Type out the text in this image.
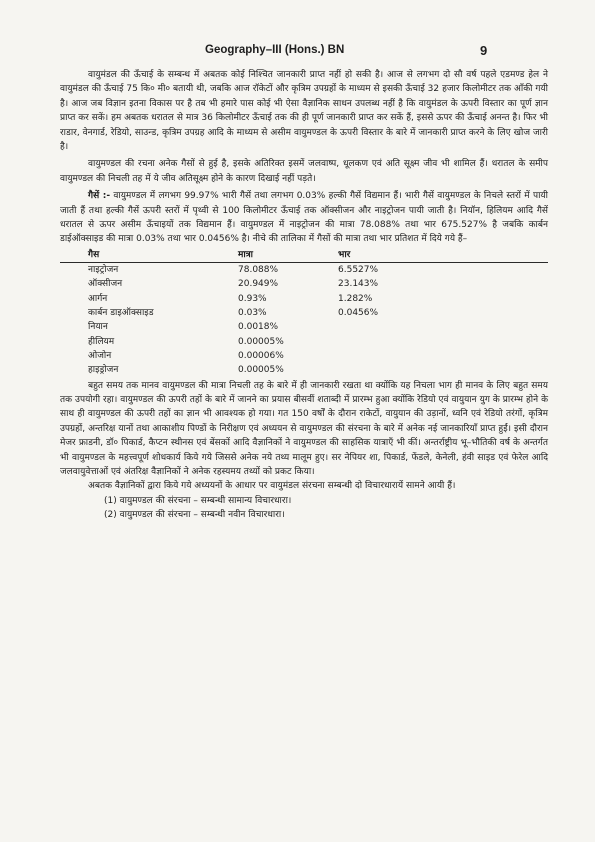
Geography–III (Hons.) BN	9

वायुमंडल की ऊँचाई के सम्बन्ध में अबतक कोई निश्चित जानकारी प्राप्त नहीं हो सकी है। आज से लगभग दो सौ वर्ष पहले एडमण्ड हेल ने वायुमंडल की ऊँचाई 75 कि० मी० बतायी थी, जबकि आज रॉकेटों और कृत्रिम उपग्रहों के माध्यम से इसकी ऊँचाई 32 हजार किलोमीटर तक आँकी गयी है। आज जब विज्ञान इतना विकास पर है तब भी हमारे पास कोई भी ऐसा वैज्ञानिक साधन उपलब्ध नहीं है कि वायुमंडल के ऊपरी विस्तार का पूर्ण ज्ञान प्राप्त कर सकें। हम अबतक धरातल से मात्र 36 किलोमीटर ऊँचाई तक की ही पूर्ण जानकारी प्राप्त कर सकें हैं, इससे ऊपर की ऊँचाई अनन्त है। फिर भी राडार, वेनगार्ड, रेडियो, साउन्ड, कृत्रिम उपग्रह आदि के माध्यम से असीम वायुमण्डल के ऊपरी विस्तार के बारे में जानकारी प्राप्त करने के लिए खोज जारी है।

वायुमण्डल की रचना अनेक गैसों से हुई है, इसके अतिरिक्त इसमें जलवाष्प, धूलकण एवं अति सूक्ष्म जीव भी शामिल हैं। धरातल के समीप वायुमण्डल की निचली तह में ये जीव अतिसूक्ष्म होने के कारण दिखाई नहीं पड़ते।

गैसें :- वायुमण्डल में लगभग 99.97% भारी गैसें तथा लगभग 0.03% हल्की गैसें विद्यमान हैं। भारी गैसें वायुमण्डल के निचले स्तरों में पायी जाती हैं तथा हल्की गैसें ऊपरी स्तरों में पृथ्वी से 100 किलोमीटर ऊँचाई तक ऑक्सीजन और नाइट्रोजन पायी जाती है। नियॉन, हिलियम आदि गैसें धरातल से ऊपर असीम ऊँचाइयों तक विद्यमान हैं। वायुमण्डल में नाइट्रोजन की मात्रा 78.088% तथा भार 675.527% है जबकि कार्बन डाईऑक्साइड की मात्रा 0.03% तथा भार 0.0456% है। नीचे की तालिका में गैसों की मात्रा तथा भार प्रतिशत में दिये गये हैं–

गैस	मात्रा	भार
नाइट्रोजन	78.088%	6.5527%
ऑक्सीजन	20.949%	23.143%
आर्गन	0.93%	1.282%
कार्बन डाइऑक्साइड	0.03%	0.0456%
नियान	0.0018%	
हीलियम	0.00005%	
ओजोन	0.00006%	
हाइड्रोजन	0.00005%	

बहुत समय तक मानव वायुमण्डल की मात्रा निचली तह के बारे में ही जानकारी रखता था क्योंकि यह निचला भाग ही मानव के लिए बहुत समय तक उपयोगी रहा। वायुमण्डल की ऊपरी तहों के बारे में जानने का प्रयास बीसवीं शताब्दी में प्रारम्भ हुआ क्योंकि रेडियो एवं वायुयान युग के प्रारम्भ होने के साथ ही वायुमण्डल की ऊपरी तहों का ज्ञान भी आवश्यक हो गया। गत 150 वर्षों के दौरान राकेटों, वायुयान की उड़ानों, ध्वनि एवं रेडियो तरंगों, कृत्रिम उपग्रहों, अन्तरिक्ष यानों तथा आकाशीय पिण्डों के निरीक्षण एवं अध्ययन से वायुमण्डल की संरचना के बारे में अनेक नई जानकारियाँ प्राप्त हुईं। इसी दौरान मेजर फ्राडनी, डॉ० पिकार्ड, कैप्टन स्थीनस एवं बेंसकों आदि वैज्ञानिकों ने वायुमण्डल की साहसिक यात्राएँ भी कीं। अन्तर्राष्ट्रीय भू–भौतिकी वर्ष के अन्तर्गत भी वायुमण्डल के महत्त्वपूर्ण शोधकार्य किये गये जिससे अनेक नये तथ्य मालूम हुए। सर नेपियर शा, पिकार्ड, फेंडले, केनेली, हंवी साइड एवं फेरेल आदि जलवायुवेत्ताओं एवं अंतरिक्ष वैज्ञानिकों ने अनेक रहस्यमय तथ्यों को प्रकट किया।

अबतक वैज्ञानिकों द्वारा किये गये अध्ययनों के आधार पर वायुमंडल संरचना सम्बन्धी दो विचारधारायें सामने आयी हैं।

(1) वायुमण्डल की संरचना – सम्बन्धी सामान्य विचारधारा।
(2) वायुमण्डल की संरचना – सम्बन्धी नवीन विचारधारा।
